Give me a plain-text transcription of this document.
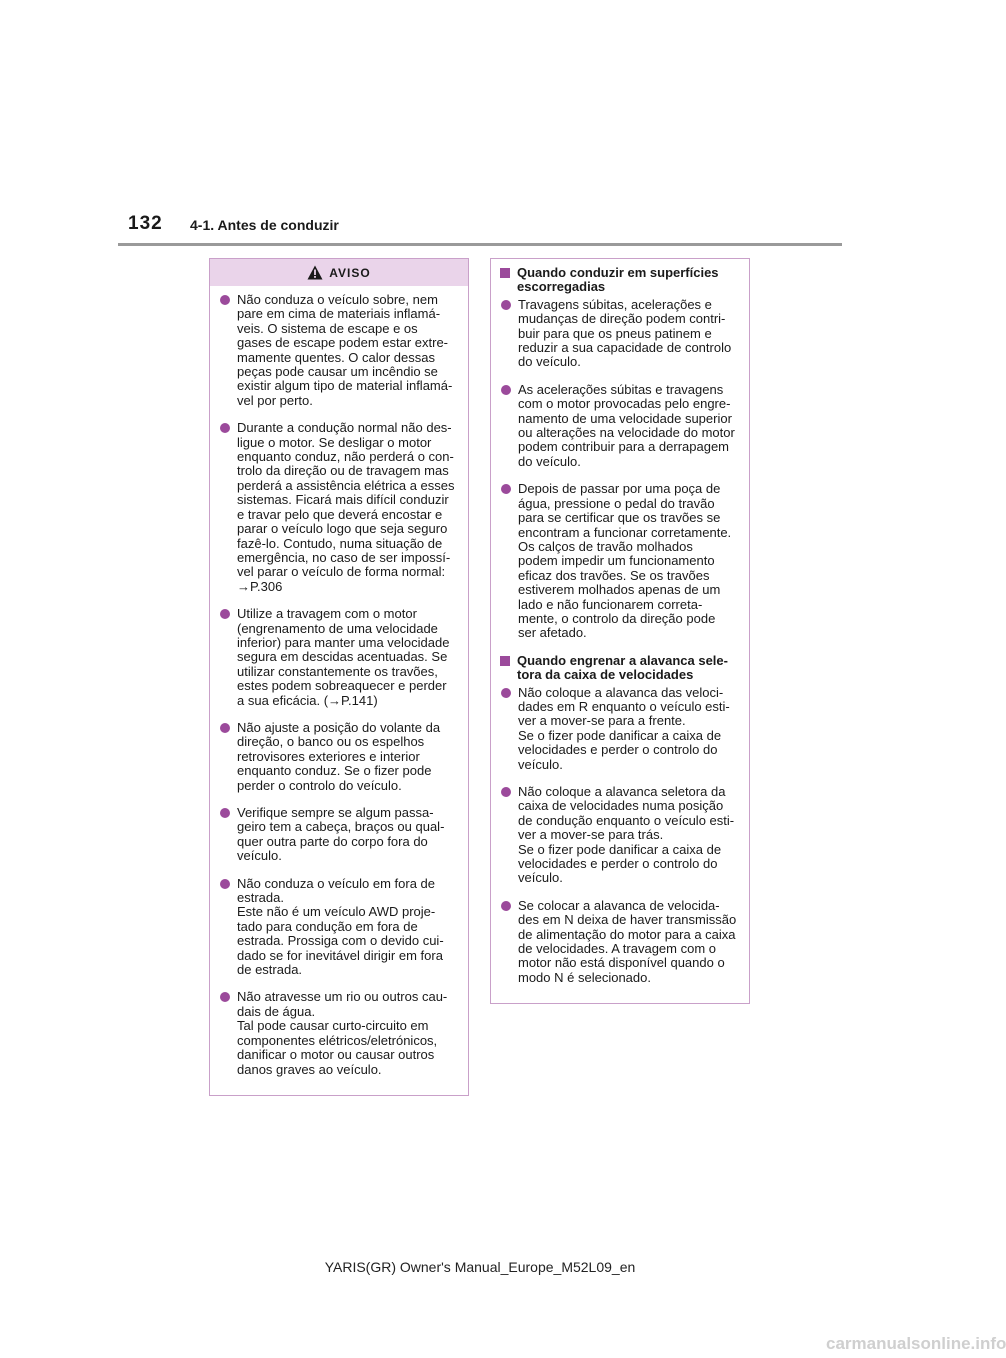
132 4-1. Antes de conduzir
AVISO
Não conduza o veículo sobre, nem
pare em cima de materiais inflamá-
veis. O sistema de escape e os
gases de escape podem estar extre-
mamente quentes. O calor dessas
peças pode causar um incêndio se
existir algum tipo de material inflamá-
vel por perto.
Durante a condução normal não des-
ligue o motor. Se desligar o motor
enquanto conduz, não perderá o con-
trolo da direção ou de travagem mas
perderá a assistência elétrica a esses
sistemas. Ficará mais difícil conduzir
e travar pelo que deverá encostar e
parar o veículo logo que seja seguro
fazê-lo. Contudo, numa situação de
emergência, no caso de ser impossí-
vel parar o veículo de forma normal:
→P.306
Utilize a travagem com o motor
(engrenamento de uma velocidade
inferior) para manter uma velocidade
segura em descidas acentuadas. Se
utilizar constantemente os travões,
estes podem sobreaquecer e perder
a sua eficácia. (→P.141)
Não ajuste a posição do volante da
direção, o banco ou os espelhos
retrovisores exteriores e interior
enquanto conduz. Se o fizer pode
perder o controlo do veículo.
Verifique sempre se algum passa-
geiro tem a cabeça, braços ou qual-
quer outra parte do corpo fora do
veículo.
Não conduza o veículo em fora de
estrada.
Este não é um veículo AWD proje-
tado para condução em fora de
estrada. Prossiga com o devido cui-
dado se for inevitável dirigir em fora
de estrada.
Não atravesse um rio ou outros cau-
dais de água.
Tal pode causar curto-circuito em
componentes elétricos/eletrónicos,
danificar o motor ou causar outros
danos graves ao veículo.
Quando conduzir em superfícies
escorregadias
Travagens súbitas, acelerações e
mudanças de direção podem contri-
buir para que os pneus patinem e
reduzir a sua capacidade de controlo
do veículo.
As acelerações súbitas e travagens
com o motor provocadas pelo engre-
namento de uma velocidade superior
ou alterações na velocidade do motor
podem contribuir para a derrapagem
do veículo.
Depois de passar por uma poça de
água, pressione o pedal do travão
para se certificar que os travões se
encontram a funcionar corretamente.
Os calços de travão molhados
podem impedir um funcionamento
eficaz dos travões. Se os travões
estiverem molhados apenas de um
lado e não funcionarem correta-
mente, o controlo da direção pode
ser afetado.
Quando engrenar a alavanca sele-
tora da caixa de velocidades
Não coloque a alavanca das veloci-
dades em R enquanto o veículo esti-
ver a mover-se para a frente.
Se o fizer pode danificar a caixa de
velocidades e perder o controlo do
veículo.
Não coloque a alavanca seletora da
caixa de velocidades numa posição
de condução enquanto o veículo esti-
ver a mover-se para trás.
Se o fizer pode danificar a caixa de
velocidades e perder o controlo do
veículo.
Se colocar a alavanca de velocida-
des em N deixa de haver transmissão
de alimentação do motor para a caixa
de velocidades. A travagem com o
motor não está disponível quando o
modo N é selecionado.
YARIS(GR) Owner's Manual_Europe_M52L09_en
carmanualsonline.info
